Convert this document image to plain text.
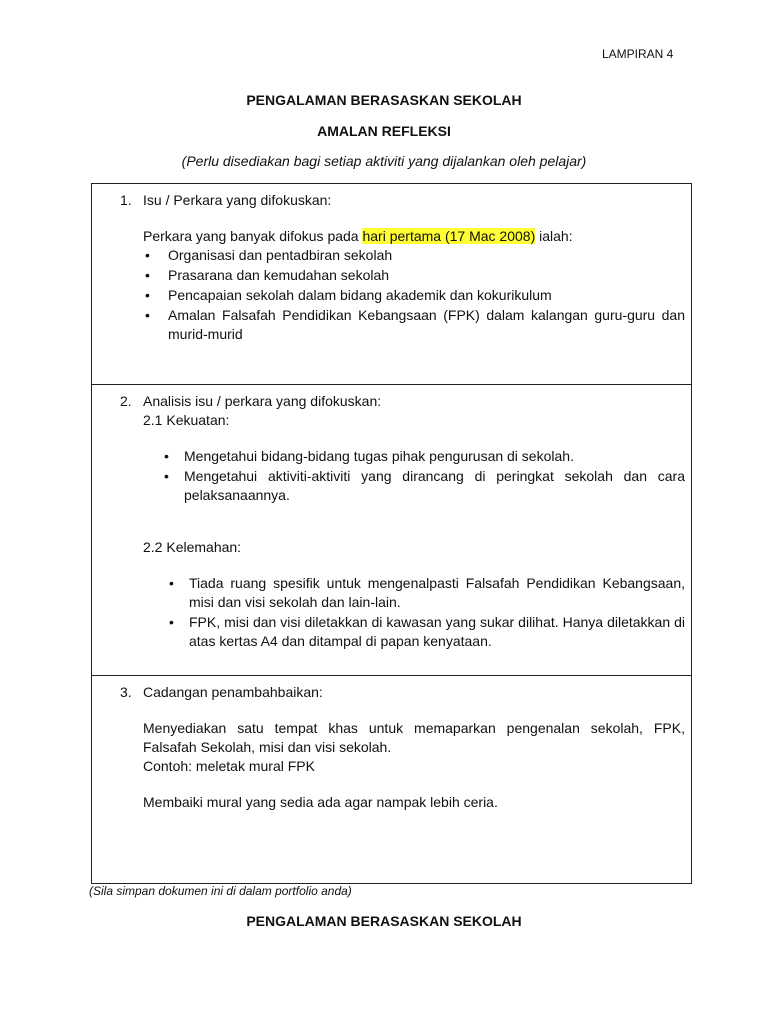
LAMPIRAN 4
PENGALAMAN BERASASKAN SEKOLAH
AMALAN REFLEKSI
(Perlu disediakan bagi setiap aktiviti yang dijalankan oleh pelajar)
1. Isu / Perkara yang difokuskan:
Perkara yang banyak difokus pada hari pertama (17 Mac 2008) ialah:
• Organisasi dan pentadbiran sekolah
• Prasarana dan kemudahan sekolah
• Pencapaian sekolah dalam bidang akademik dan kokurikulum
• Amalan Falsafah Pendidikan Kebangsaan (FPK) dalam kalangan guru-guru dan murid-murid
2. Analisis isu / perkara yang difokuskan:
2.1 Kekuatan:
• Mengetahui bidang-bidang tugas pihak pengurusan di sekolah.
• Mengetahui aktiviti-aktiviti yang dirancang di peringkat sekolah dan cara pelaksanaannya.
2.2 Kelemahan:
• Tiada ruang spesifik untuk mengenalpasti Falsafah Pendidikan Kebangsaan, misi dan visi sekolah dan lain-lain.
• FPK, misi dan visi diletakkan di kawasan yang sukar dilihat. Hanya diletakkan di atas kertas A4 dan ditampal di papan kenyataan.
3. Cadangan penambahbaikan:
Menyediakan satu tempat khas untuk memaparkan pengenalan sekolah, FPK, Falsafah Sekolah, misi dan visi sekolah.
Contoh: meletak mural FPK
Membaiki mural yang sedia ada agar nampak lebih ceria.
(Sila simpan dokumen ini di dalam portfolio anda)
PENGALAMAN BERASASKAN SEKOLAH
